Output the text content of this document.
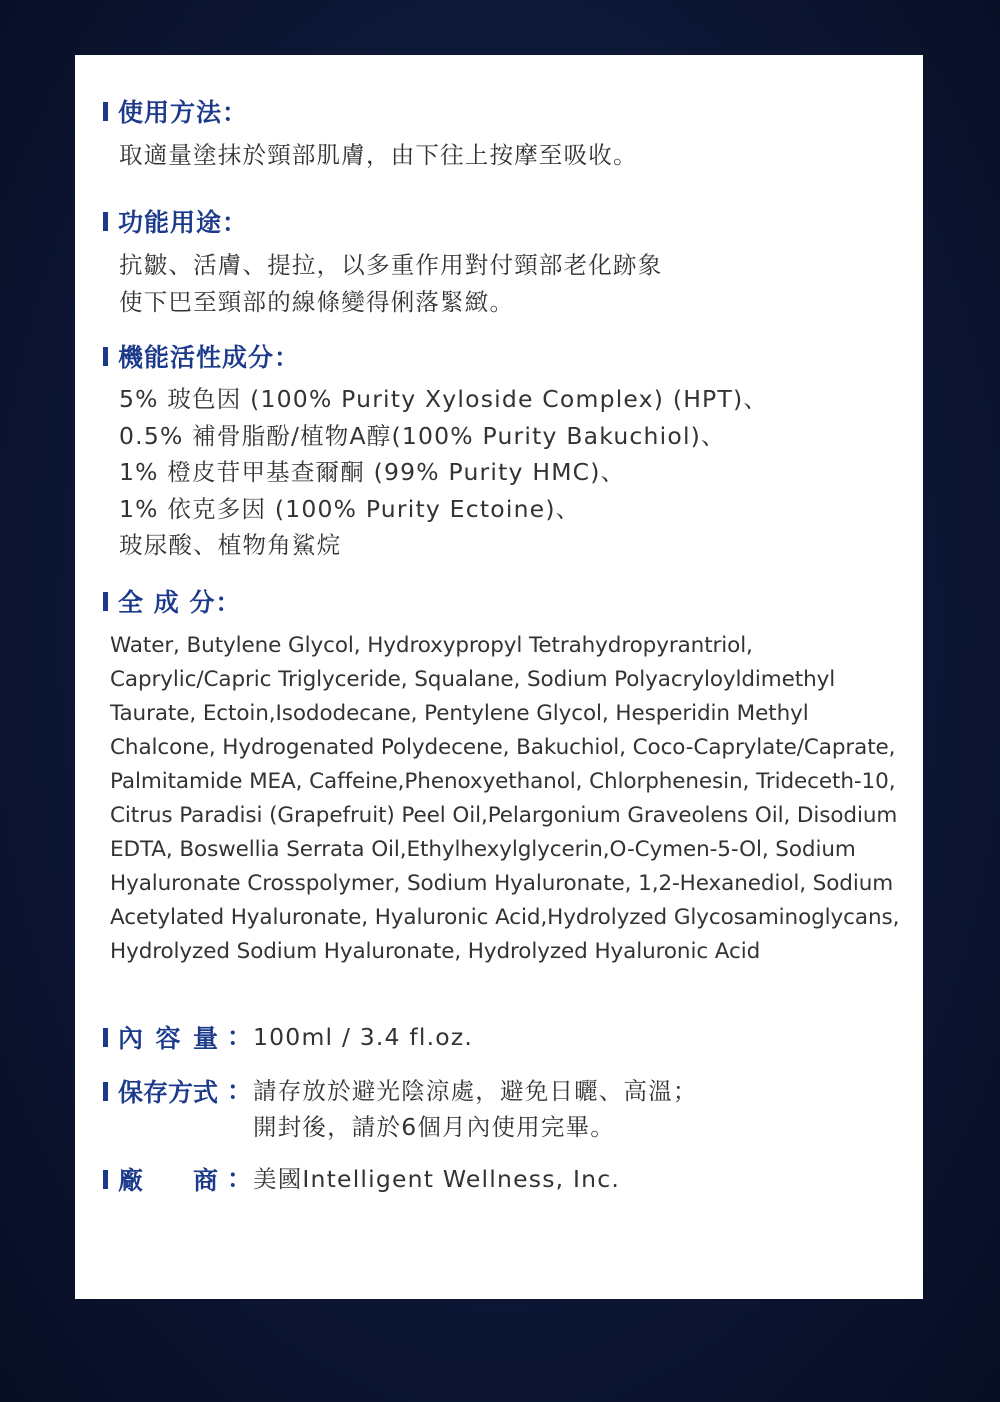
使用方法：
取適量塗抹於頸部肌膚，由下往上按摩至吸收。
功能用途：
抗皺、活膚、提拉，以多重作用對付頸部老化跡象
使下巴至頸部的線條變得俐落緊緻。
機能活性成分：
5% 玻色因 (100% Purity Xyloside Complex) (HPT)、
0.5% 補骨脂酚/植物A醇(100% Purity Bakuchiol)、
1% 橙皮苷甲基查爾酮 (99% Purity HMC)、
1% 依克多因 (100% Purity Ectoine)、
玻尿酸、植物角鯊烷
全 成 分：
Water, Butylene Glycol, Hydroxypropyl Tetrahydropyrantriol,
Caprylic/Capric Triglyceride, Squalane, Sodium Polyacryloyldimethyl
Taurate, Ectoin,Isododecane, Pentylene Glycol, Hesperidin Methyl
Chalcone, Hydrogenated Polydecene, Bakuchiol, Coco-Caprylate/Caprate,
Palmitamide MEA, Caffeine,Phenoxyethanol, Chlorphenesin, Trideceth-10,
Citrus Paradisi (Grapefruit) Peel Oil,Pelargonium Graveolens Oil, Disodium
EDTA, Boswellia Serrata Oil,Ethylhexylglycerin,O-Cymen-5-Ol, Sodium
Hyaluronate Crosspolymer, Sodium Hyaluronate, 1,2-Hexanediol, Sodium
Acetylated Hyaluronate, Hyaluronic Acid,Hydrolyzed Glycosaminoglycans,
Hydrolyzed Sodium Hyaluronate, Hydrolyzed Hyaluronic Acid
內容量 ： 100ml / 3.4 fl.oz.
保存方式 ： 請存放於避光陰涼處，避免日曬、高溫；
開封後，請於6個月內使用完畢。
廠商 ： 美國Intelligent Wellness, Inc.
